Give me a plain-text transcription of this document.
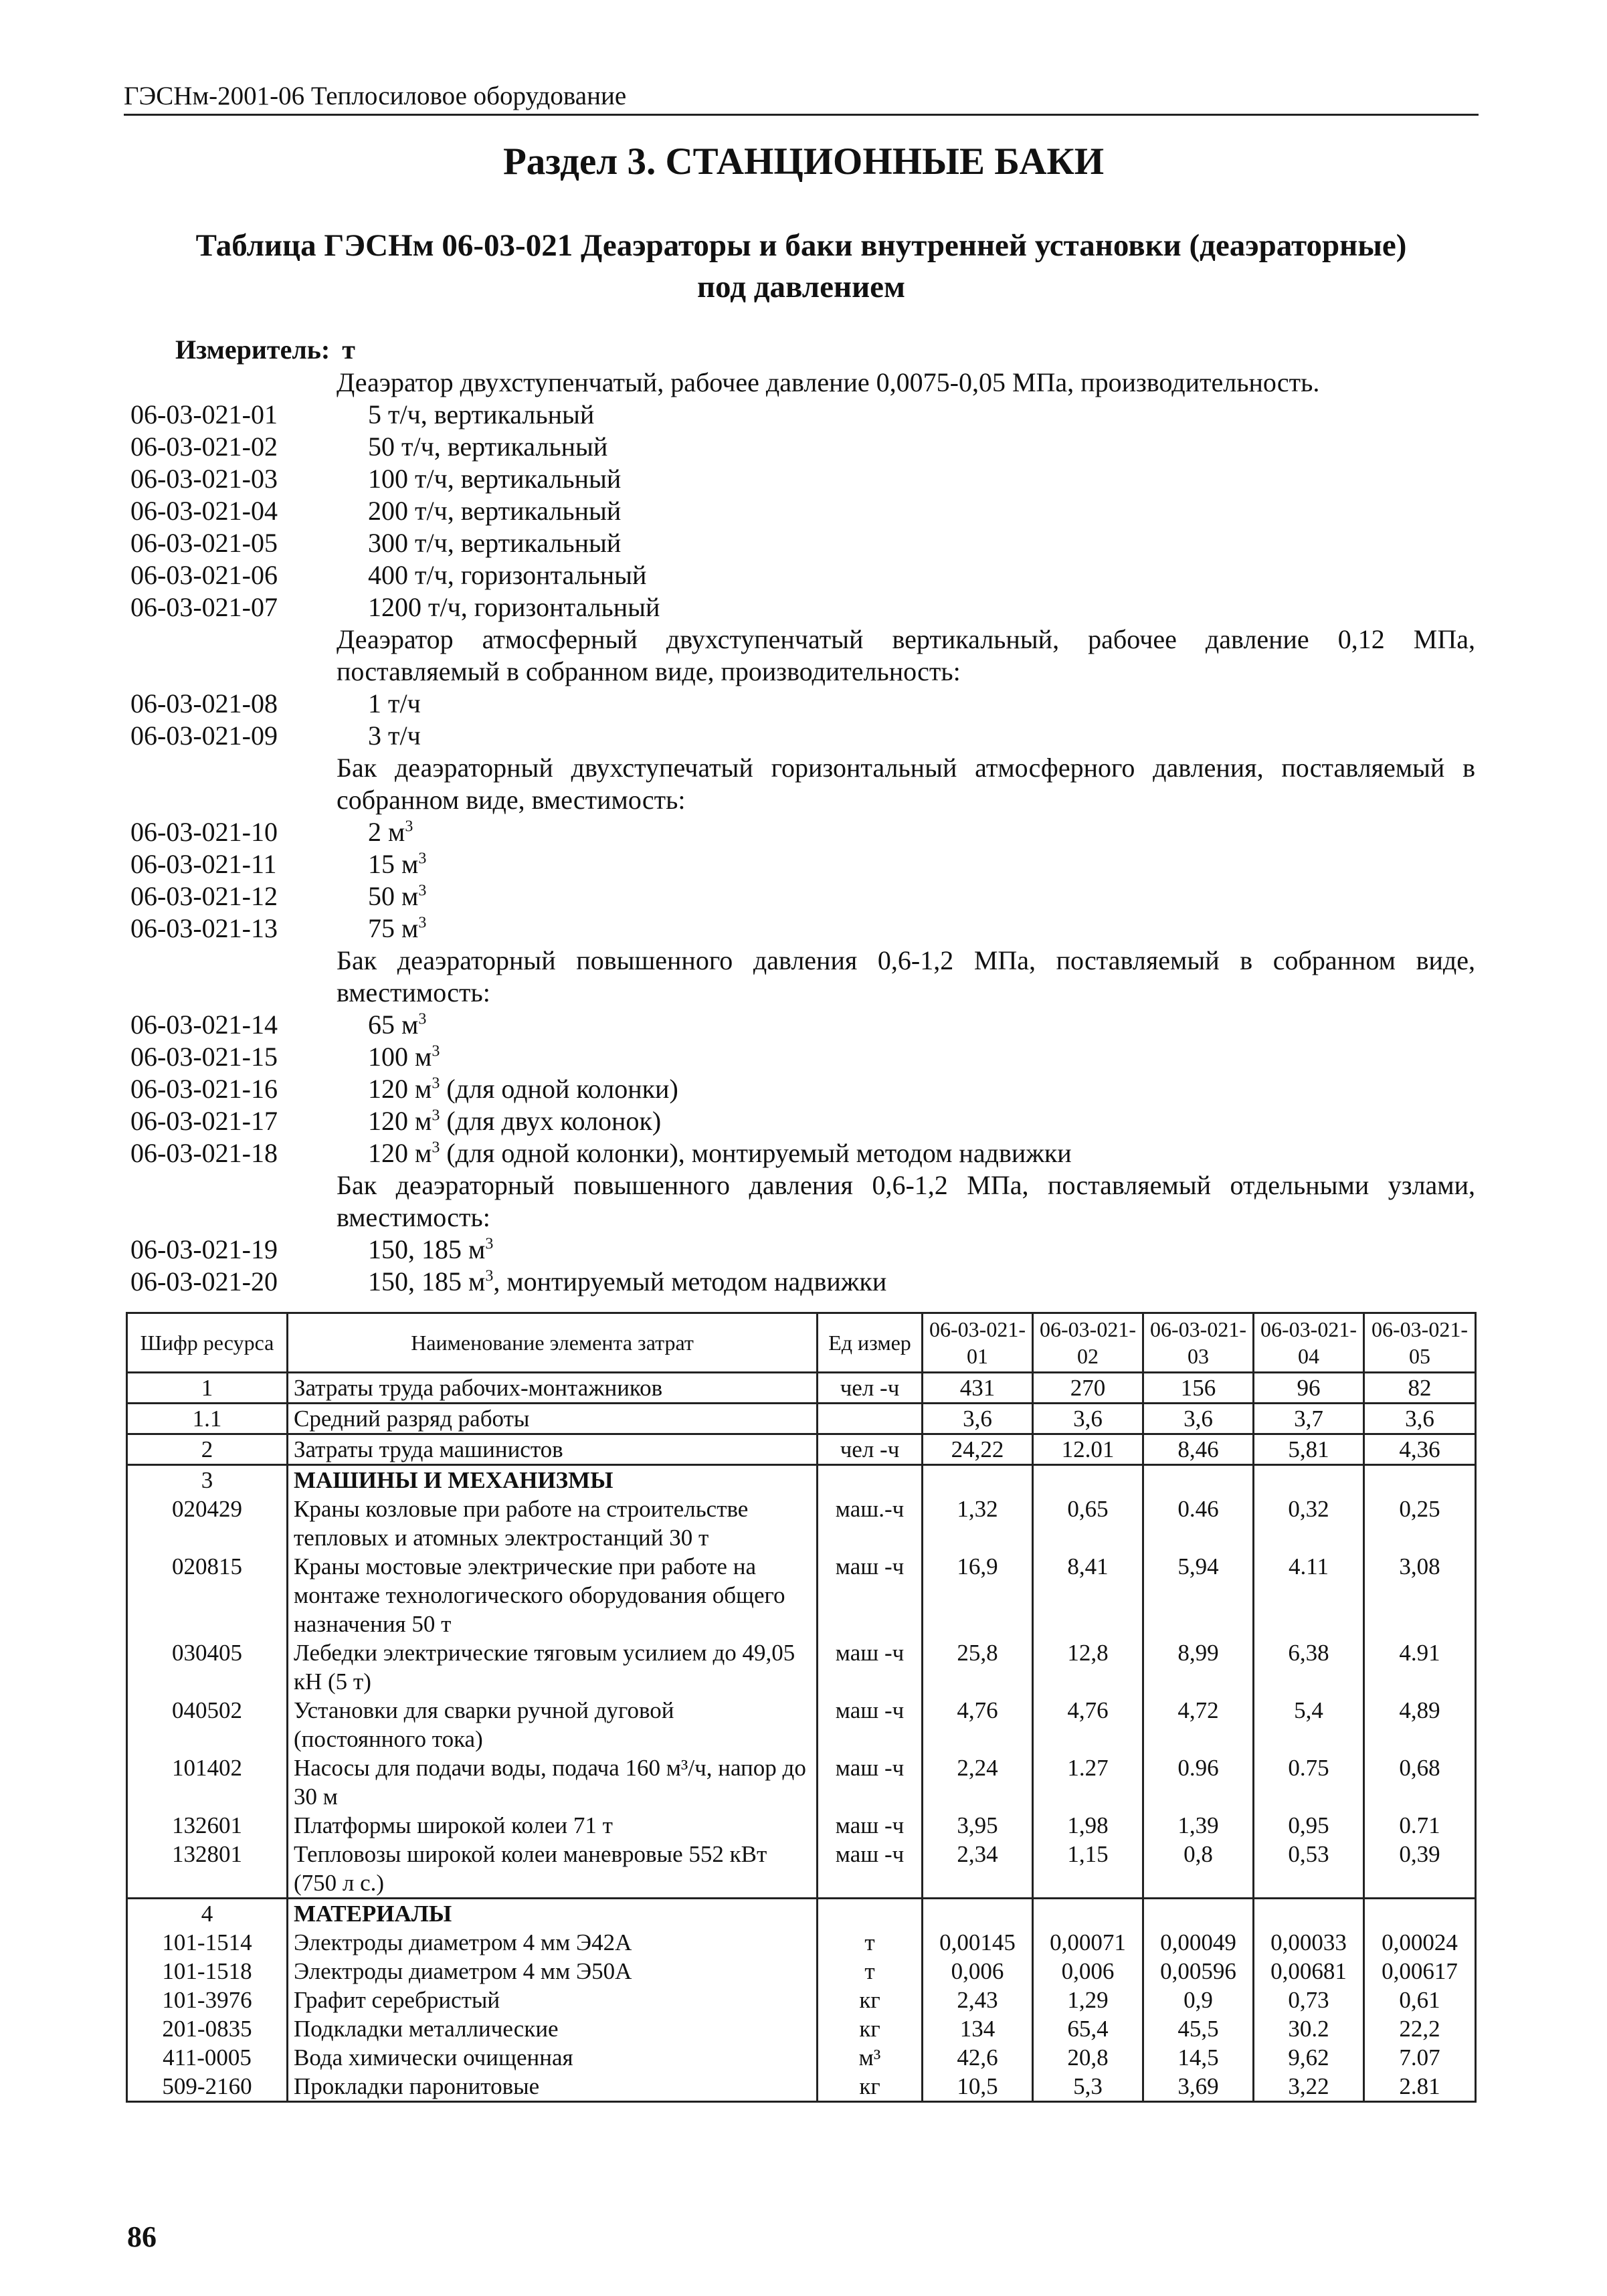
ГЭСНм-2001-06 Теплосиловое оборудование
Раздел 3. СТАНЦИОННЫЕ БАКИ
Таблица ГЭСНм 06-03-021 Деаэраторы и баки внутренней установки (деаэраторные)
под давлением
Измеритель: т
Деаэратор двухступенчатый, рабочее давление 0,0075-0,05 МПа, производительность.
06-03-021-01	5 т/ч, вертикальный
06-03-021-02	50 т/ч, вертикальный
06-03-021-03	100 т/ч, вертикальный
06-03-021-04	200 т/ч, вертикальный
06-03-021-05	300 т/ч, вертикальный
06-03-021-06	400 т/ч, горизонтальный
06-03-021-07	1200 т/ч, горизонтальный
Деаэратор атмосферный двухступенчатый вертикальный, рабочее давление 0,12 МПа, поставляемый в собранном виде, производительность:
06-03-021-08	1 т/ч
06-03-021-09	3 т/ч
Бак деаэраторный двухступечатый горизонтальный атмосферного давления, поставляемый в собранном виде, вместимость:
06-03-021-10	2 $м^3$
06-03-021-11	15 $м^3$
06-03-021-12	50 $м^3$
06-03-021-13	75 $м^3$
Бак деаэраторный повышенного давления 0,6-1,2 МПа, поставляемый в собранном виде, вместимость:
06-03-021-14	65 $м^3$
06-03-021-15	100 $м^3$
06-03-021-16	120 $м^3$ (для одной колонки)
06-03-021-17	120 $м^3$ (для двух колонок)
06-03-021-18	120 $м^3$ (для одной колонки), монтируемый методом надвижки
Бак деаэраторный повышенного давления 0,6-1,2 МПа, поставляемый отдельными узлами, вместимость:
06-03-021-19	150, 185 $м^3$
06-03-021-20	150, 185 $м^3$, монтируемый методом надвижки
Шифр ресурса	Наименование элемента затрат	Ед измер	06-03-021-01	06-03-021-02	06-03-021-03	06-03-021-04	06-03-021-05
1	Затраты труда рабочих-монтажников	чел -ч	431	270	156	96	82
1.1	Средний разряд работы		3,6	3,6	3,6	3,7	3,6
2	Затраты труда машинистов	чел -ч	24,22	12.01	8,46	5,81	4,36
3	МАШИНЫ И МЕХАНИЗМЫ						
020429	Краны козловые при работе на строительстве тепловых и атомных электростанций 30 т	маш.-ч	1,32	0,65	0.46	0,32	0,25
020815	Краны мостовые электрические при работе на монтаже технологического оборудования общего назначения 50 т	маш -ч	16,9	8,41	5,94	4.11	3,08
030405	Лебедки электрические тяговым усилием до 49,05 кН (5 т)	маш -ч	25,8	12,8	8,99	6,38	4.91
040502	Установки для сварки ручной дуговой (постоянного тока)	маш -ч	4,76	4,76	4,72	5,4	4,89
101402	Насосы для подачи воды, подача 160 м³/ч, напор до 30 м	маш -ч	2,24	1.27	0.96	0.75	0,68
132601	Платформы широкой колеи 71 т	маш -ч	3,95	1,98	1,39	0,95	0.71
132801	Тепловозы широкой колеи маневровые 552 кВт (750 л с.)	маш -ч	2,34	1,15	0,8	0,53	0,39
4	МАТЕРИАЛЫ						
101-1514	Электроды диаметром 4 мм Э42А	т	0,00145	0,00071	0,00049	0,00033	0,00024
101-1518	Электроды диаметром 4 мм Э50А	т	0,006	0,006	0,00596	0,00681	0,00617
101-3976	Графит серебристый	кг	2,43	1,29	0,9	0,73	0,61
201-0835	Подкладки металлические	кг	134	65,4	45,5	30.2	22,2
411-0005	Вода химически очищенная	м³	42,6	20,8	14,5	9,62	7.07
509-2160	Прокладки паронитовые	кг	10,5	5,3	3,69	3,22	2.81
86
